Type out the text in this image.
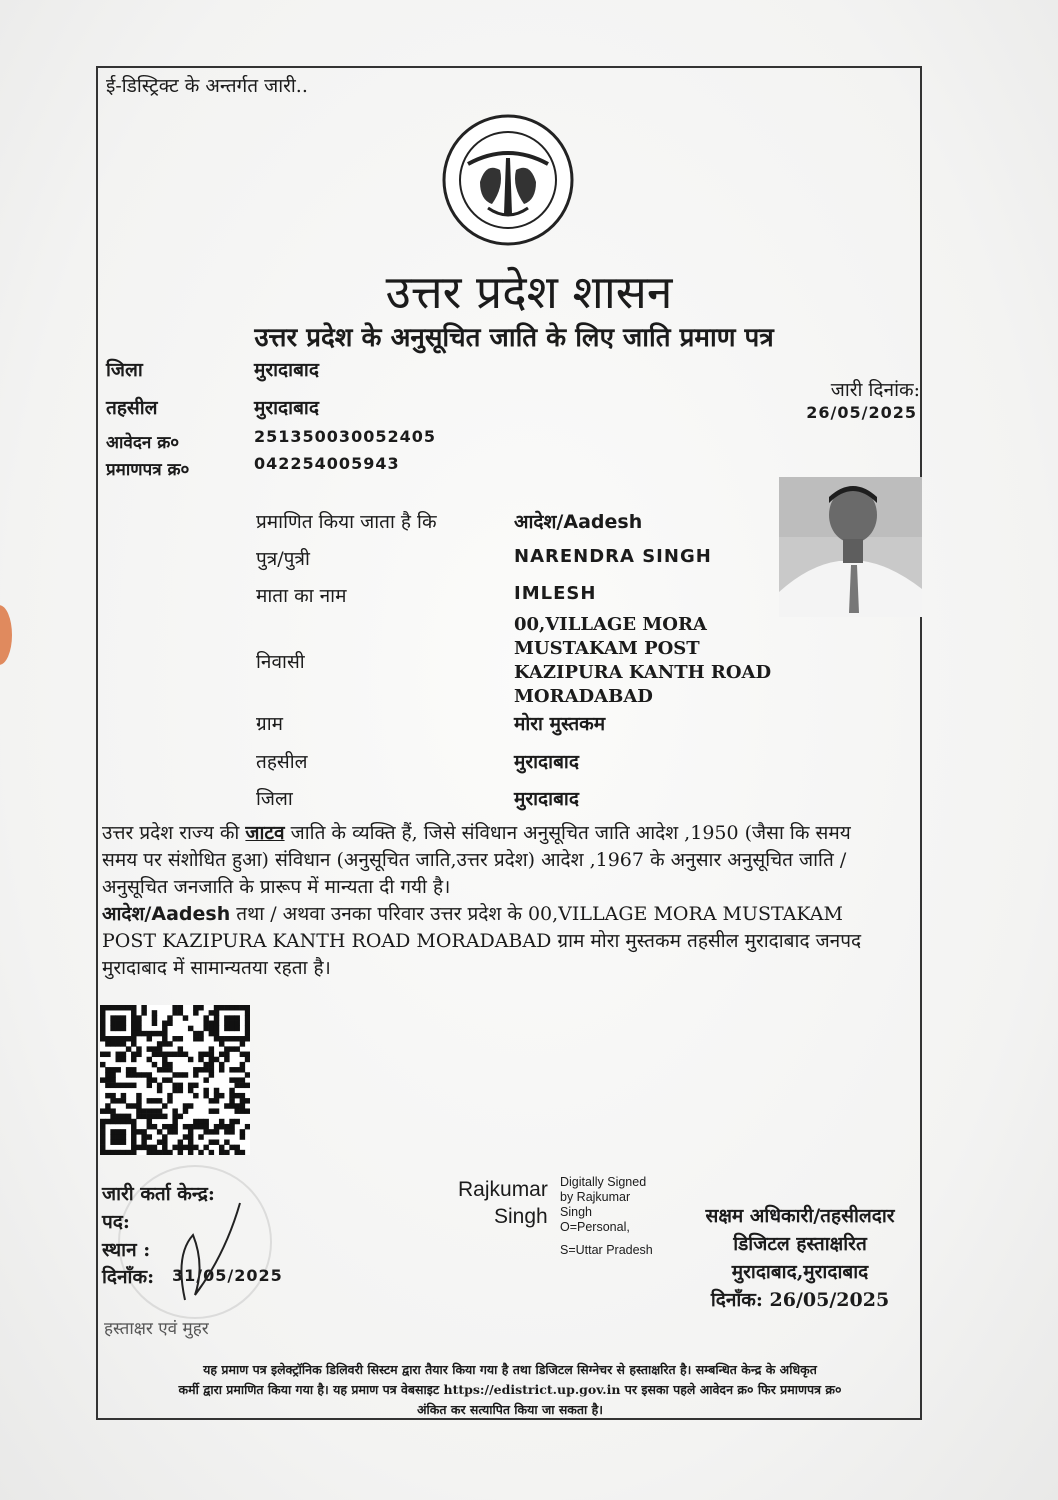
ई-डिस्ट्रिक्ट के अन्तर्गत जारी..
उत्तर प्रदेश शासन
उत्तर प्रदेश के अनुसूचित जाति के लिए जाति प्रमाण पत्र
जिला	मुरादाबाद
तहसील	मुरादाबाद
आवेदन क्र०	251350030052405
प्रमाणपत्र क्र०	042254005943
जारी दिनांक:
26/05/2025
प्रमाणित किया जाता है कि	आदेश/Aadesh
पुत्र/पुत्री	NARENDRA SINGH
माता का नाम	IMLESH
निवासी
00,VILLAGE MORA
MUSTAKAM POST
KAZIPURA KANTH ROAD
MORADABAD
ग्राम	मोरा मुस्तकम
तहसील	मुरादाबाद
जिला	मुरादाबाद
उत्तर प्रदेश राज्य की जाटव जाति के व्यक्ति हैं, जिसे संविधान अनुसूचित जाति आदेश ,1950 (जैसा कि समय
समय पर संशोधित हुआ) संविधान (अनुसूचित जाति,उत्तर प्रदेश) आदेश ,1967 के अनुसार अनुसूचित जाति /
अनुसूचित जनजाति के प्रारूप में मान्यता दी गयी है।
आदेश/Aadesh तथा / अथवा उनका परिवार उत्तर प्रदेश के 00,VILLAGE MORA MUSTAKAM
POST KAZIPURA KANTH ROAD MORADABAD ग्राम मोरा मुस्तकम तहसील मुरादाबाद जनपद
मुरादाबाद में सामान्यतया रहता है।
जारी कर्ता केन्द्र:
पद:
स्थान :
दिनाँक: 31/05/2025
हस्ताक्षर एवं मुहर
Rajkumar
Singh
Digitally Signed
by Rajkumar
Singh
O=Personal,
S=Uttar Pradesh
सक्षम अधिकारी/तहसीलदार
डिजिटल हस्ताक्षरित
मुरादाबाद,मुरादाबाद
दिनाँक: 26/05/2025
यह प्रमाण पत्र इलेक्ट्रॉनिक डिलिवरी सिस्टम द्वारा तैयार किया गया है तथा डिजिटल सिग्नेचर से हस्ताक्षरित है। सम्बन्धित केन्द्र के अधिकृत
कर्मी द्वारा प्रमाणित किया गया है। यह प्रमाण पत्र वेबसाइट https://edistrict.up.gov.in पर इसका पहले आवेदन क्र० फिर प्रमाणपत्र क्र०
अंकित कर सत्यापित किया जा सकता है।
